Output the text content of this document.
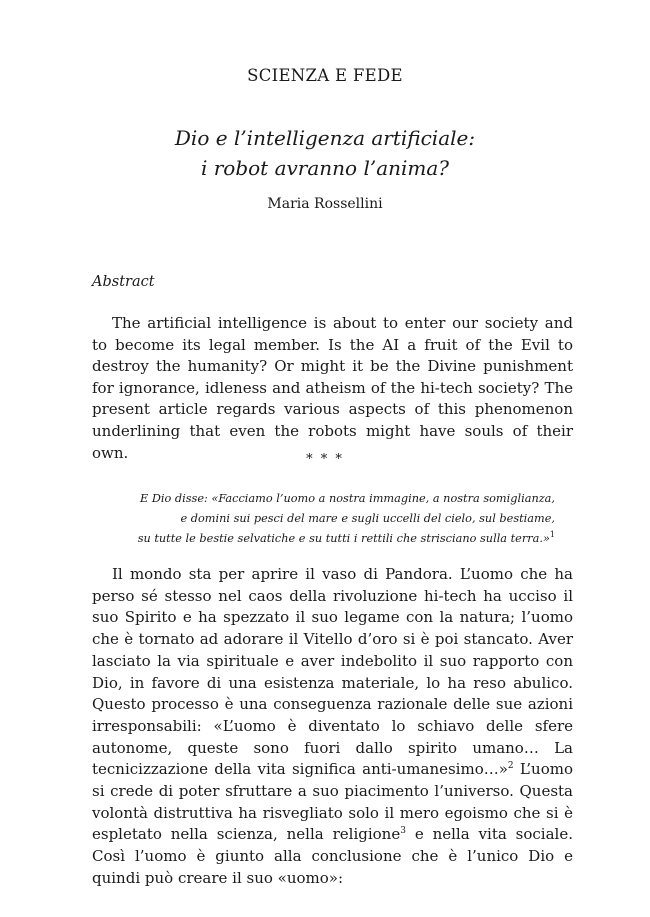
SCIENZA E FEDE
Dio e l’intelligenza artificiale:
i robot avranno l’anima?
Maria Rossellini
Abstract

The artificial intelligence is about to enter our society and to become its legal member. Is the AI a fruit of the Evil to destroy the humanity? Or might it be the Divine punishment for ignorance, idleness and atheism of the hi-tech society? The present article regards various aspects of this phenomenon underlining that even the robots might have souls of their own.	* * *
E Dio disse: «Facciamo l’uomo a nostra immagine, a nostra somiglianza,
e domini sui pesci del mare e sugli uccelli del cielo, sul bestiame,
su tutte le bestie selvatiche e su tutti i rettili che strisciano sulla terra.»$^1$

Il mondo sta per aprire il vaso di Pandora. L’uomo che ha perso sé stesso nel caos della rivoluzione hi-tech ha ucciso il suo Spirito e ha spezzato il suo legame con la natura; l’uomo che è tornato ad adorare il Vitello d’oro si è poi stancato. Aver lasciato la via spirituale e aver indebolito il suo rapporto con Dio, in favore di una esistenza materiale, lo ha reso abulico. Questo processo è una conseguenza razionale delle sue azioni irresponsabili: «L’uomo è diventato lo schiavo delle sfere autonome, queste sono fuori dallo spirito umano… La tecnicizzazione della vita significa anti-umanesimo…»$^2$ L’uomo si crede di poter sfruttare a suo piacimento l’universo. Questa volontà distruttiva ha risvegliato solo il mero egoismo che si è espletato nella scienza, nella religione$^3$ e nella vita sociale. Così l’uomo è giunto alla conclusione che è l’unico Dio e quindi può creare il suo «uomo»:
